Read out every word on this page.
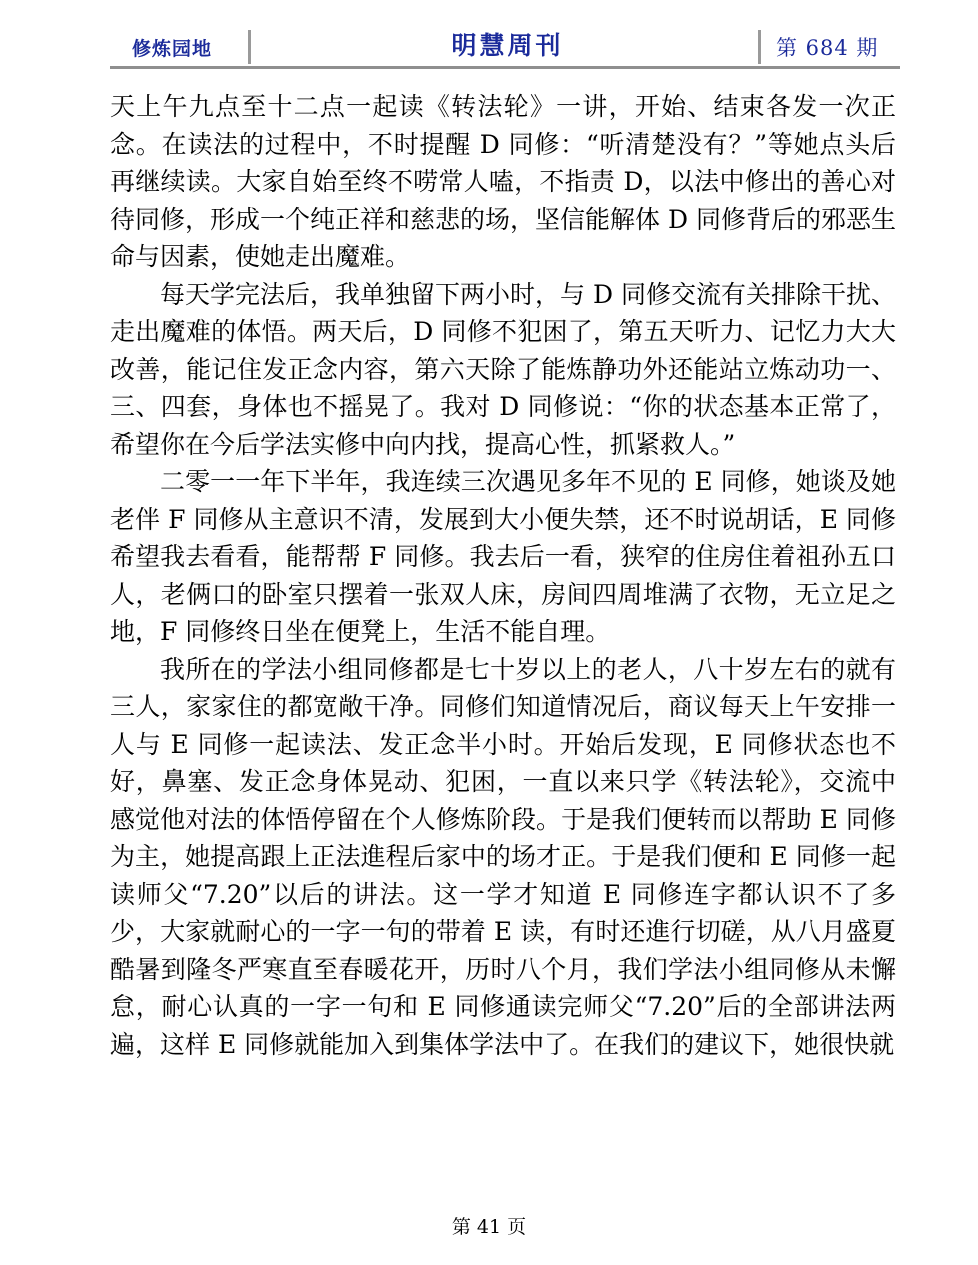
修炼园地	明慧周刊	第 684 期

天上午九点至十二点一起读《转法轮》一讲，开始、结束各发一次正念。在读法的过程中，不时提醒 D 同修：“听清楚没有？”等她点头后再继续读。大家自始至终不唠常人嗑，不指责 D，以法中修出的善心对待同修，形成一个纯正祥和慈悲的场，坚信能解体 D 同修背后的邪恶生命与因素，使她走出魔难。

每天学完法后，我单独留下两小时，与 D 同修交流有关排除干扰、走出魔难的体悟。两天后，D 同修不犯困了，第五天听力、记忆力大大改善，能记住发正念内容，第六天除了能炼静功外还能站立炼动功一、三、四套，身体也不摇晃了。我对 D 同修说：“你的状态基本正常了，希望你在今后学法实修中向内找，提高心性，抓紧救人。”

二零一一年下半年，我连续三次遇见多年不见的 E 同修，她谈及她老伴 F 同修从主意识不清，发展到大小便失禁，还不时说胡话，E 同修希望我去看看，能帮帮 F 同修。我去后一看，狭窄的住房住着祖孙五口人，老俩口的卧室只摆着一张双人床，房间四周堆满了衣物，无立足之地，F 同修终日坐在便凳上，生活不能自理。

我所在的学法小组同修都是七十岁以上的老人，八十岁左右的就有三人，家家住的都宽敞干净。同修们知道情况后，商议每天上午安排一人与 E 同修一起读法、发正念半小时。开始后发现，E 同修状态也不好，鼻塞、发正念身体晃动、犯困，一直以来只学《转法轮》，交流中感觉他对法的体悟停留在个人修炼阶段。于是我们便转而以帮助 E 同修为主，她提高跟上正法進程后家中的场才正。于是我们便和 E 同修一起读师父“7.20”以后的讲法。这一学才知道 E 同修连字都认识不了多少，大家就耐心的一字一句的带着 E 读，有时还進行切磋，从八月盛夏酷暑到隆冬严寒直至春暖花开，历时八个月，我们学法小组同修从未懈怠，耐心认真的一字一句和 E 同修通读完师父“7.20”后的全部讲法两遍，这样 E 同修就能加入到集体学法中了。在我们的建议下，她很快就

第 41 页
